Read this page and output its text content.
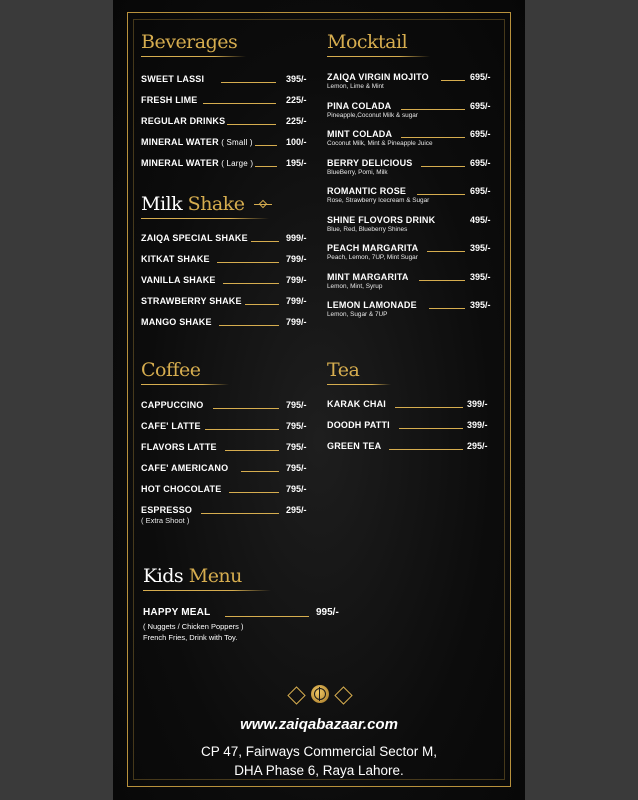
Beverages
SWEET LASSI	395/-
FRESH LIME	225/-
REGULAR DRINKS	225/-
MINERAL WATER ( Small )	100/-
MINERAL WATER ( Large )	195/-
Milk Shake
ZAIQA SPECIAL SHAKE	999/-
KITKAT SHAKE	799/-
VANILLA SHAKE	799/-
STRAWBERRY SHAKE	799/-
MANGO SHAKE	799/-
Coffee
CAPPUCCINO	795/-
CAFE' LATTE	795/-
FLAVORS LATTE	795/-
CAFE' AMERICANO	795/-
HOT CHOCOLATE	795/-
ESPRESSO	295/-
( Extra Shoot )
Mocktail
ZAIQA VIRGIN MOJITO	695/-
Lemon, Lime & Mint
PINA COLADA	695/-
Pineapple,Coconut Milk & sugar
MINT COLADA	695/-
Coconut Milk, Mint & Pineapple Juice
BERRY DELICIOUS	695/-
BlueBerry, Pomi, Milk
ROMANTIC ROSE	695/-
Rose, Strawberry Icecream & Sugar
SHINE FLOVORS DRINK	495/-
Blue, Red, Blueberry Shines
PEACH MARGARITA	395/-
Peach, Lemon, 7UP, Mint Sugar
MINT MARGARITA	395/-
Lemon, Mint, Syrup
LEMON LAMONADE	395/-
Lemon, Sugar & 7UP
Tea
KARAK CHAI	399/-
DOODH PATTI	399/-
GREEN TEA	295/-
Kids Menu
HAPPY MEAL	995/-
( Nuggets / Chicken Poppers )
French Fries, Drink with Toy.
www.zaiqabazaar.com
CP 47, Fairways Commercial Sector M,
DHA Phase 6, Raya Lahore.
